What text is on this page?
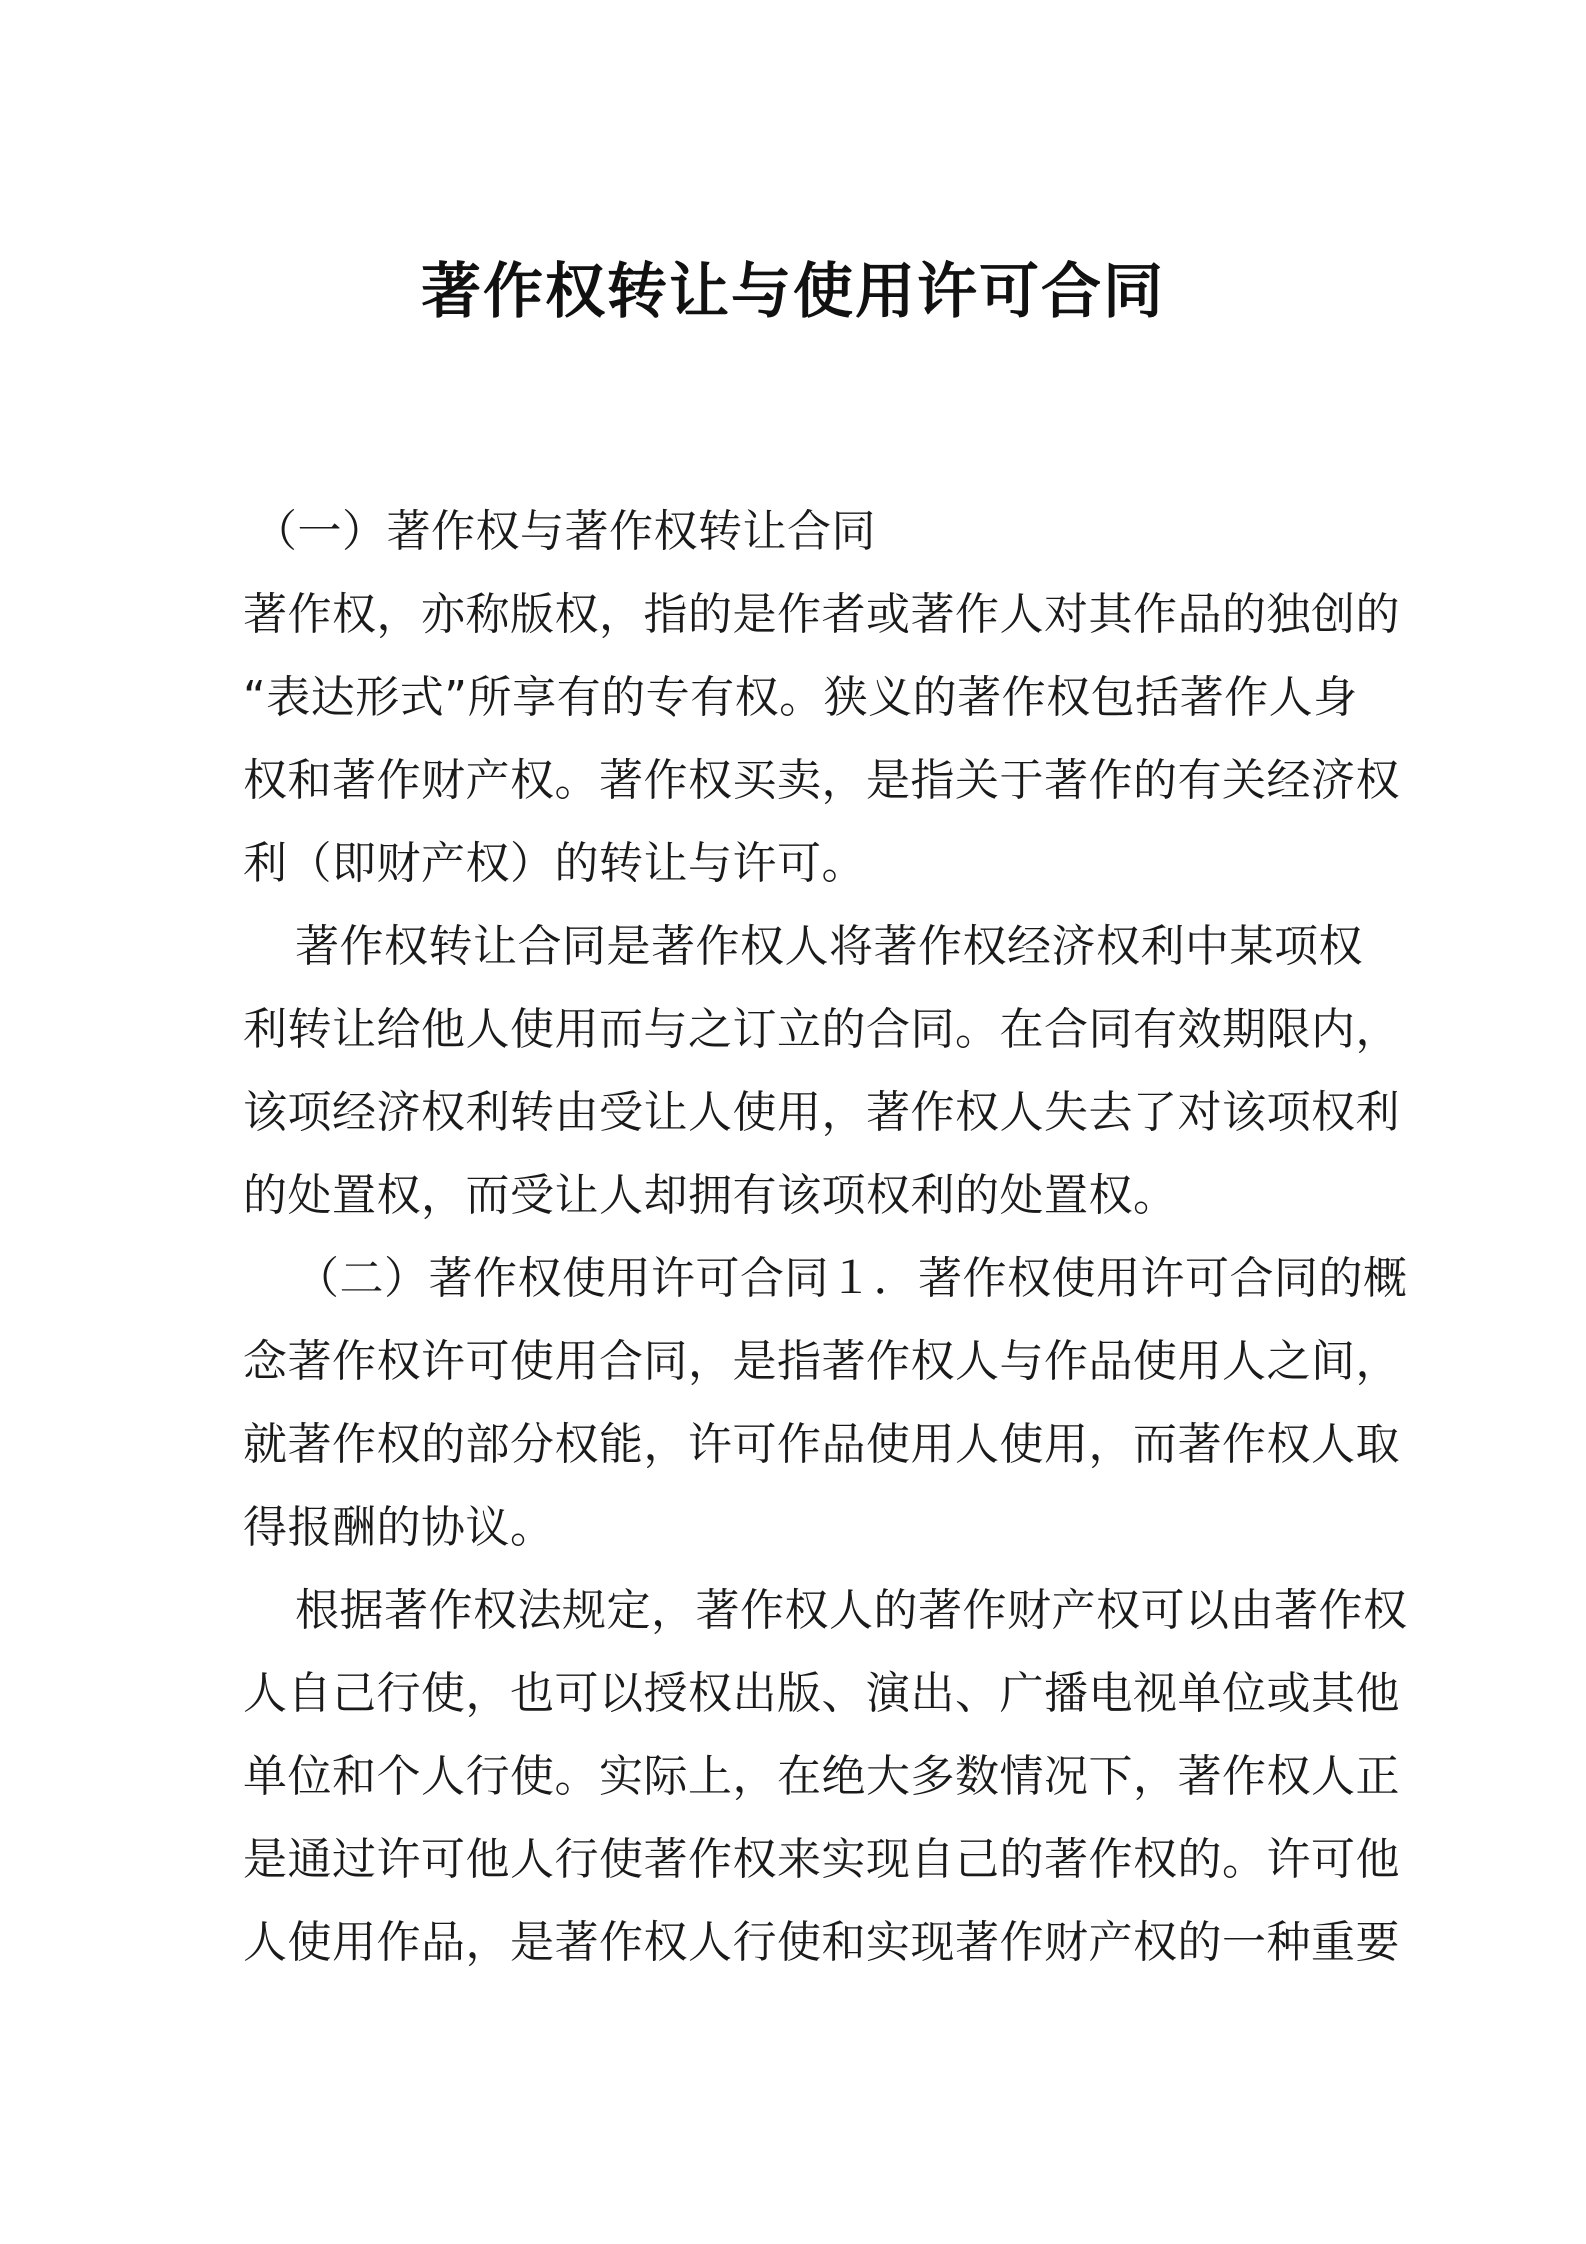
著作权转让与使用许可合同
（一）著作权与著作权转让合同
著作权，亦称版权，指的是作者或著作人对其作品的独创的
“表达形式”所享有的专有权。狭义的著作权包括著作人身
权和著作财产权。著作权买卖，是指关于著作的有关经济权
利（即财产权）的转让与许可。
著作权转让合同是著作权人将著作权经济权利中某项权
利转让给他人使用而与之订立的合同。在合同有效期限内，
该项经济权利转由受让人使用，著作权人失去了对该项权利
的处置权，而受让人却拥有该项权利的处置权。
（二）著作权使用许可合同１．著作权使用许可合同的概
念著作权许可使用合同，是指著作权人与作品使用人之间，
就著作权的部分权能，许可作品使用人使用，而著作权人取
得报酬的协议。
根据著作权法规定，著作权人的著作财产权可以由著作权
人自己行使，也可以授权出版、演出、广播电视单位或其他
单位和个人行使。实际上，在绝大多数情况下，著作权人正
是通过许可他人行使著作权来实现自己的著作权的。许可他
人使用作品，是著作权人行使和实现著作财产权的一种重要
